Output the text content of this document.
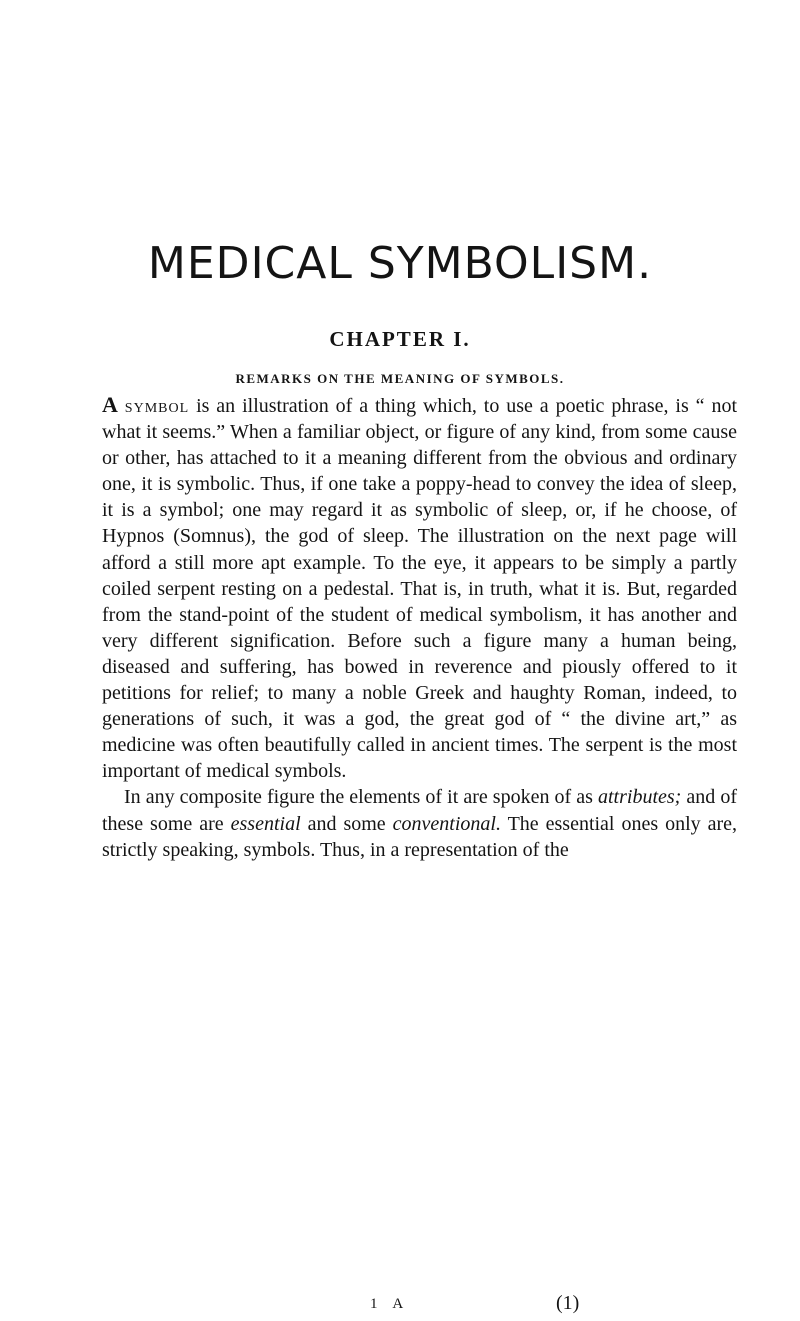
MEDICAL SYMBOLISM.
CHAPTER I.
REMARKS ON THE MEANING OF SYMBOLS.

A symbol is an illustration of a thing which, to use a poetic phrase, is “ not what it seems.” When a familiar object, or figure of any kind, from some cause or other, has attached to it a meaning different from the obvious and ordinary one, it is symbolic. Thus, if one take a poppy-head to convey the idea of sleep, it is a symbol; one may regard it as symbolic of sleep, or, if he choose, of Hypnos (Somnus), the god of sleep. The illustration on the next page will afford a still more apt example. To the eye, it appears to be simply a partly coiled serpent resting on a pedestal. That is, in truth, what it is. But, regarded from the stand-point of the student of medical symbolism, it has another and very different signification. Before such a figure many a human being, diseased and suffering, has bowed in reverence and piously offered to it petitions for relief; to many a noble Greek and haughty Roman, indeed, to generations of such, it was a god, the great god of “ the divine art,” as medicine was often beautifully called in ancient times. The serpent is the most important of medical symbols.

In any composite figure the elements of it are spoken of as attributes; and of these some are essential and some conventional. The essential ones only are, strictly speaking, symbols. Thus, in a representation of the

1 A	(1)
